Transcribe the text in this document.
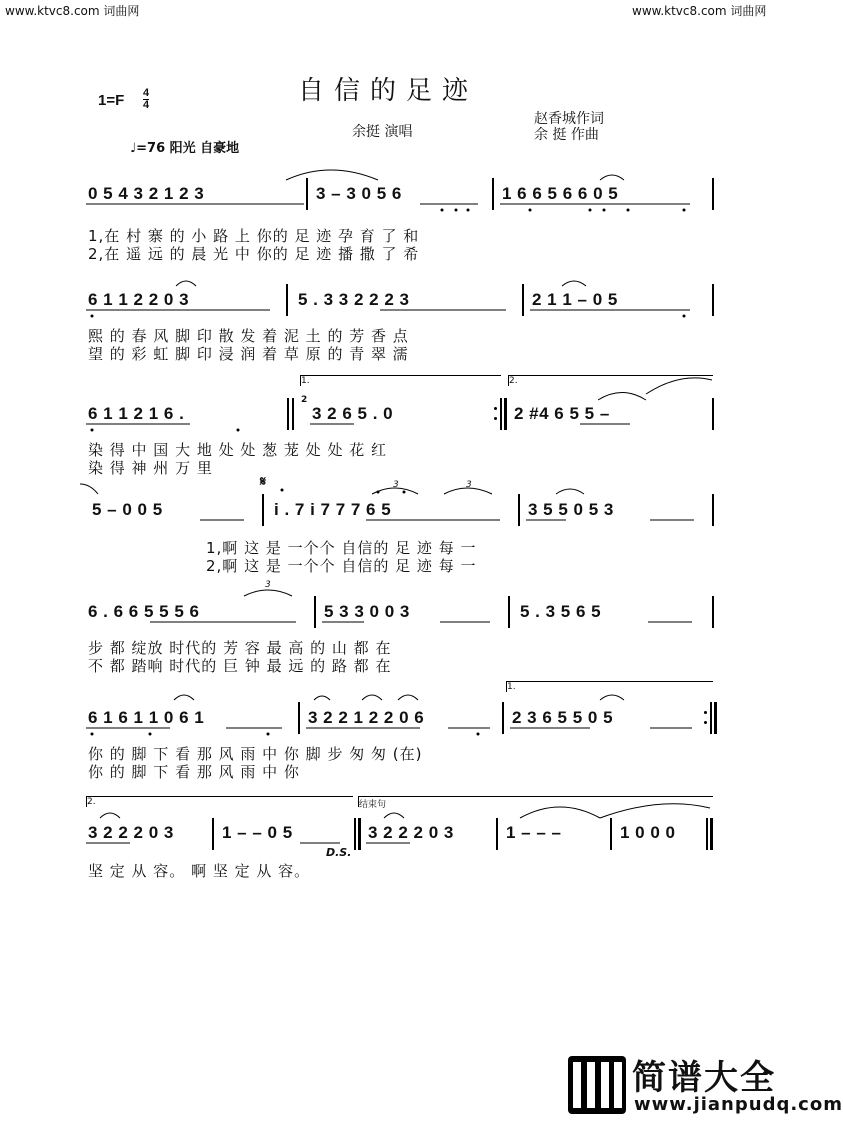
www.ktvc8.com 词曲网	www.ktvc8.com 词曲网
自信的足迹
1=F 4
4
♩=76 阳光 自豪地
余挺 演唱
赵香城作词
余 挺 作曲
0 5 4 3 2 1 2 3	3 – 3 0 5 6	1 6 6 5 6 6 0 5
1,在 村 寨 的 小 路 上 你的 足 迹 孕 育 了 和
2,在 遥 远 的 晨 光 中 你的 足 迹 播 撒 了 希
6 1 1 2 2 0 3	5 . 3 3 2 2 2 3	2 1 1 – 0 5
熙 的 春 风 脚 印 散 发 着 泥 土 的 芳 香 点
望 的 彩 虹 脚 印 浸 润 着 草 原 的 青 翠 濡
1.	2.
6 1 1 2 1 6 .
2
3 2 6 5 . 0	2 #4 6 5 5 –
染 得 中 国 大 地 处 处 葱 茏 处 处 花 红
染 得 神 州 万 里
𝄋
5 – 0 0 5	i . 7 i 7 7 7 6 5
3	3
3 5 5 0 5 3
1,啊 这 是 一个个 自信的 足 迹 每 一
2,啊 这 是 一个个 自信的 足 迹 每 一
6 . 6 6 5 5 5 6
3
5 3 3 0 0 3	5 . 3 5 6 5
步 都 绽放 时代的 芳 容 最 高 的 山 都 在
不 都 踏响 时代的 巨 钟 最 远 的 路 都 在
1.
6 1 6 1 1 0 6 1	3 2 2 1 2 2 0 6	2 3 6 5 5 0 5
你 的 脚 下 看 那 风 雨 中 你 脚 步 匆 匆 (在)
你 的 脚 下 看 那 风 雨 中 你
2.	结束句
3 2 2 2 0 3	1 – – 0 5
D.S.
3 2 2 2 0 3	1 – – –	1 0 0 0
坚 定 从 容。 啊 坚 定 从 容。
简谱大全
www.jianpudq.com
